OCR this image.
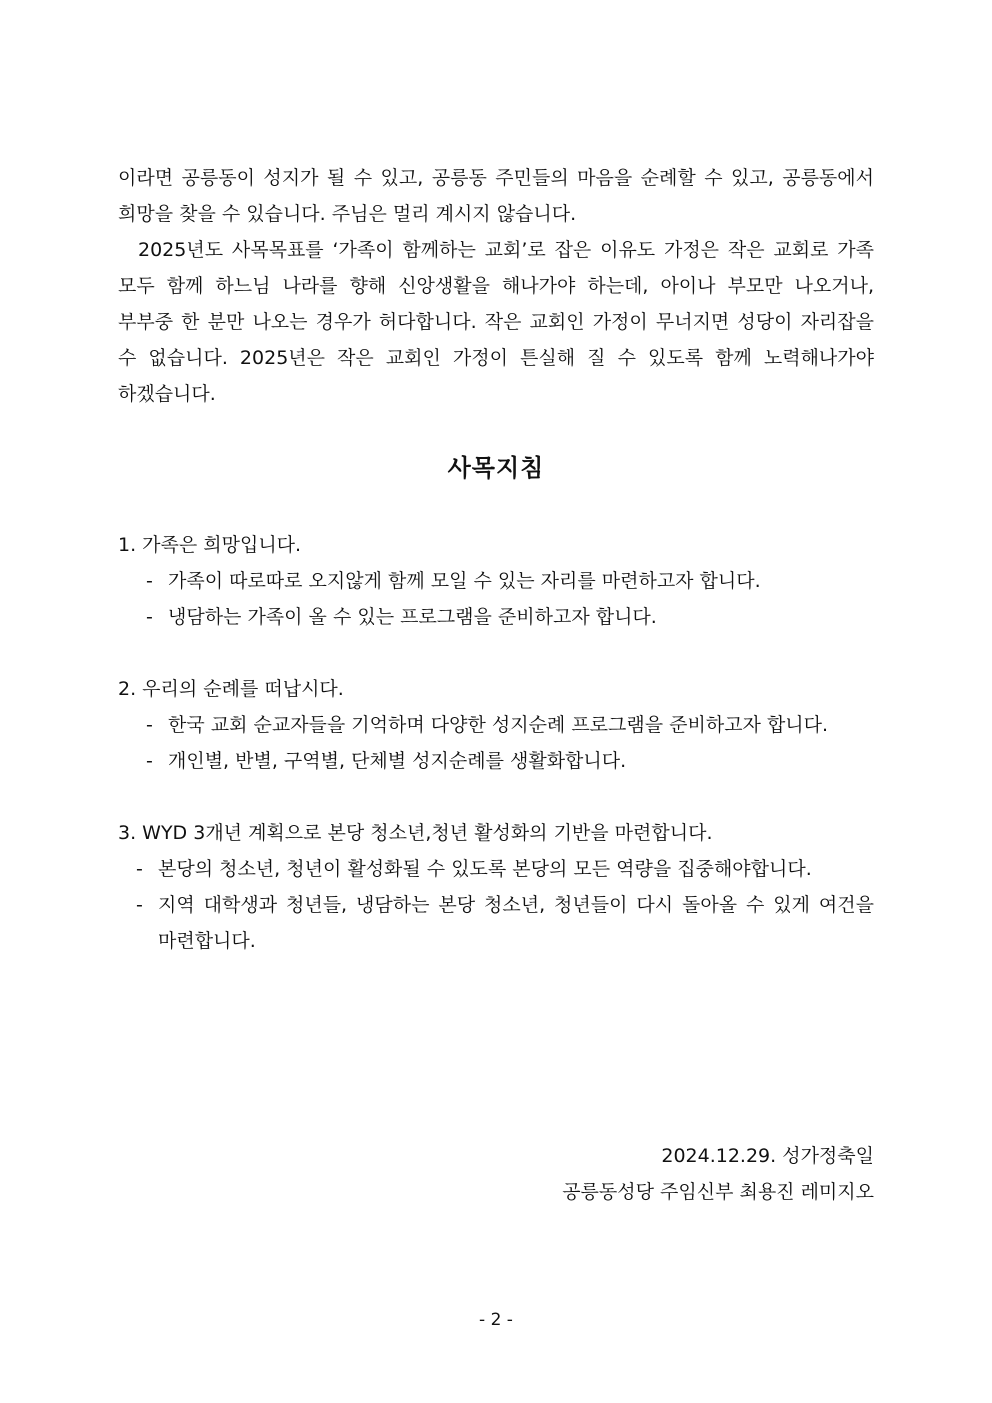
이라면 공릉동이 성지가 될 수 있고, 공릉동 주민들의 마음을 순례할 수 있고, 공릉동에서 희망을 찾을 수 있습니다. 주님은 멀리 계시지 않습니다.

2025년도 사목목표를 ‘가족이 함께하는 교회’로 잡은 이유도 가정은 작은 교회로 가족 모두 함께 하느님 나라를 향해 신앙생활을 해나가야 하는데, 아이나 부모만 나오거나, 부부중 한 분만 나오는 경우가 허다합니다. 작은 교회인 가정이 무너지면 성당이 자리잡을 수 없습니다. 2025년은 작은 교회인 가정이 튼실해 질 수 있도록 함께 노력해나가야 하겠습니다.

사목지침

1. 가족은 희망입니다.

- 가족이 따로따로 오지않게 함께 모일 수 있는 자리를 마련하고자 합니다.
- 냉담하는 가족이 올 수 있는 프로그램을 준비하고자 합니다.

2. 우리의 순례를 떠납시다.

- 한국 교회 순교자들을 기억하며 다양한 성지순례 프로그램을 준비하고자 합니다.
- 개인별, 반별, 구역별, 단체별 성지순례를 생활화합니다.

3. WYD 3개년 계획으로 본당 청소년,청년 활성화의 기반을 마련합니다.

- 본당의 청소년, 청년이 활성화될 수 있도록 본당의 모든 역량을 집중해야합니다.
- 지역 대학생과 청년들, 냉담하는 본당 청소년, 청년들이 다시 돌아올 수 있게 여건을 마련합니다.
2024.12.29. 성가정축일
공릉동성당 주임신부 최용진 레미지오
- 2 -
